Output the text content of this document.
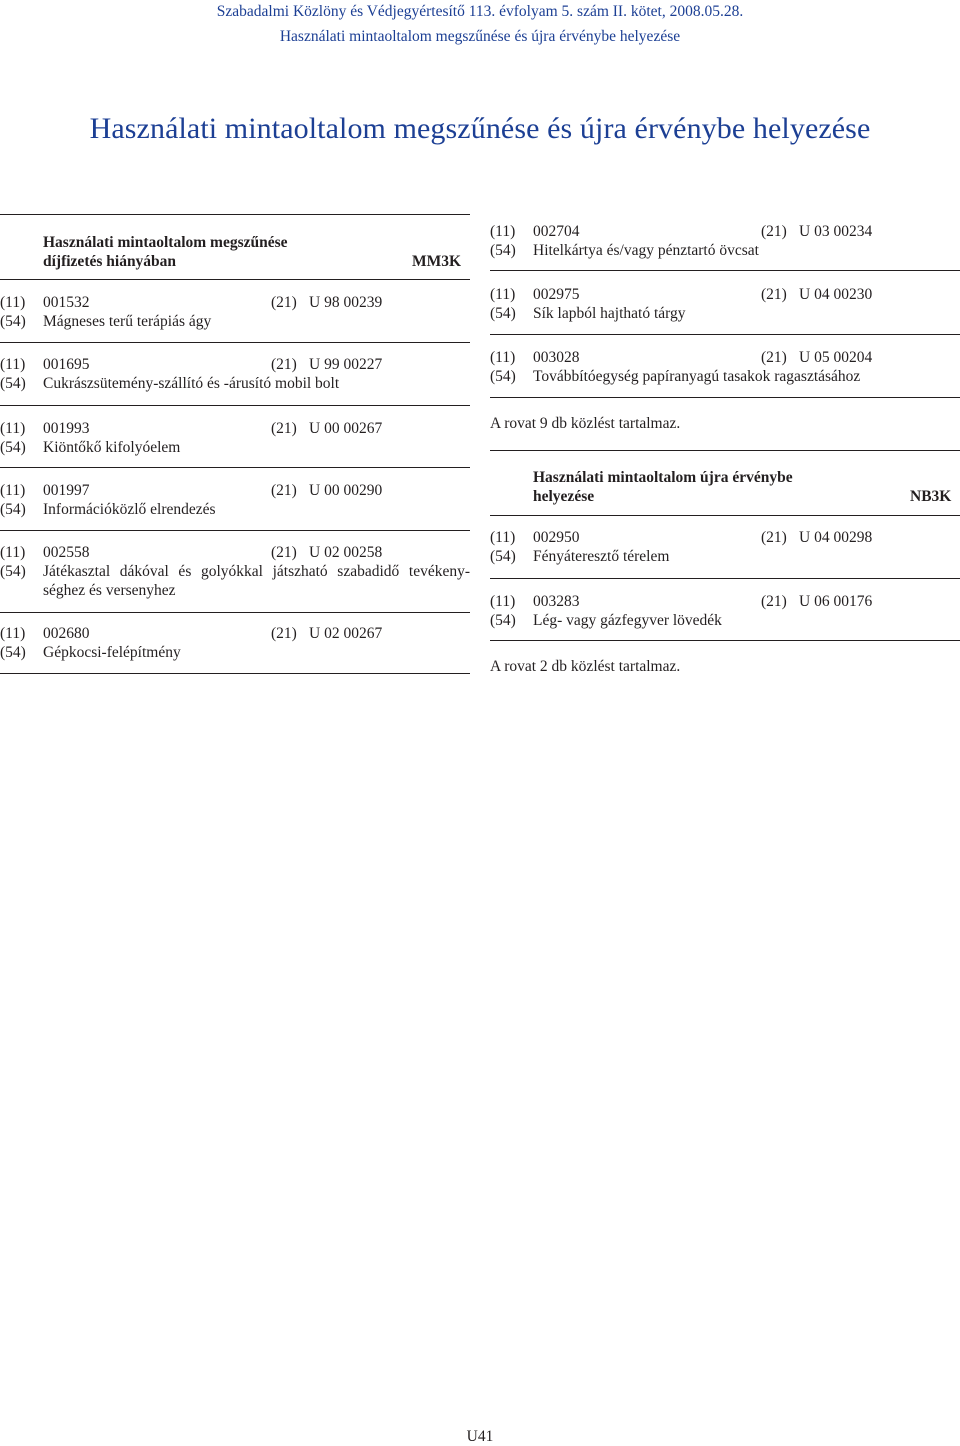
Szabadalmi Közlöny és Védjegyértesítő 113. évfolyam 5. szám II. kötet, 2008.05.28.
Használati mintaoltalom megszűnése és újra érvénybe helyezése
Használati mintaoltalom megszűnése és újra érvénybe helyezése
Használati mintaoltalom megszűnése
díjfizetés hiányában	MM3K
(11)	001532	(21) U 98 00239
(54)	Mágneses terű terápiás ágy
(11)	001695	(21) U 99 00227
(54)	Cukrászsütemény-szállító és -árusító mobil bolt
(11)	001993	(21) U 00 00267
(54)	Kiöntőkő kifolyóelem
(11)	001997	(21) U 00 00290
(54)	Információközlő elrendezés
(11)	002558	(21) U 02 00258
(54)	Játékasztal dákóval és golyókkal játszható szabadidő tevékeny-
séghez és versenyhez
(11)	002680	(21) U 02 00267
(54)	Gépkocsi-felépítmény
(11)	002704	(21) U 03 00234
(54)	Hitelkártya és/vagy pénztartó övcsat
(11)	002975	(21) U 04 00230
(54)	Sík lapból hajtható tárgy
(11)	003028	(21) U 05 00204
(54)	Továbbítóegység papíranyagú tasakok ragasztásához
A rovat 9 db közlést tartalmaz.
Használati mintaoltalom újra érvénybe
helyezése	NB3K
(11)	002950	(21) U 04 00298
(54)	Fényáteresztő térelem
(11)	003283	(21) U 06 00176
(54)	Lég- vagy gázfegyver lövedék
A rovat 2 db közlést tartalmaz.
U41
